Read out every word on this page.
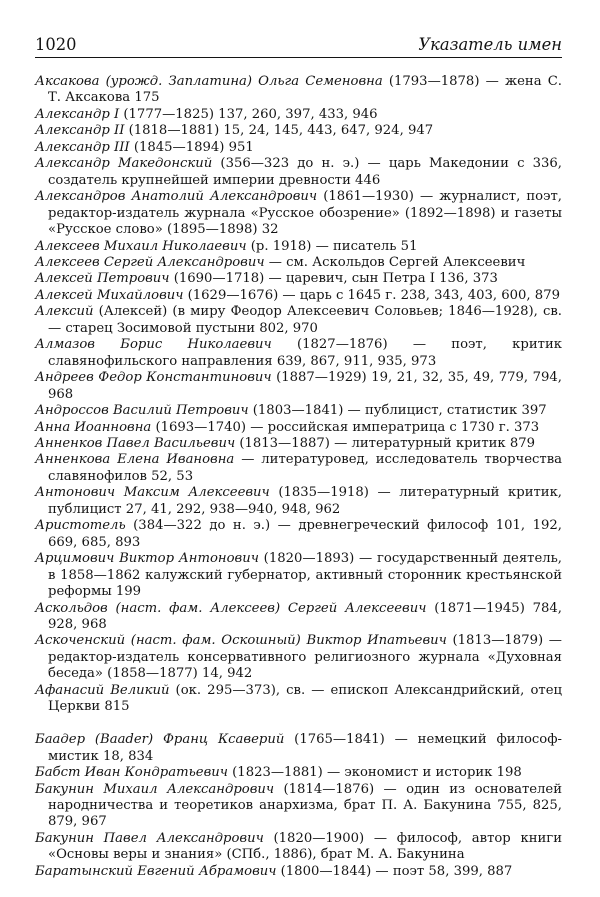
1020	Указатель имен
Аксакова (урожд. Заплатина) Ольга Семеновна (1793—1878) — жена С. Т. Аксакова 175
Александр I (1777—1825) 137, 260, 397, 433, 946
Александр II (1818—1881) 15, 24, 145, 443, 647, 924, 947
Александр III (1845—1894) 951
Александр Македонский (356—323 до н. э.) — царь Македонии с 336, создатель крупнейшей империи древности 446
Александров Анатолий Александрович (1861—1930) — журналист, поэт, редактор-издатель журнала «Русское обозрение» (1892—1898) и газеты «Русское слово» (1895—1898) 32
Алексеев Михаил Николаевич (р. 1918) — писатель 51
Алексеев Сергей Александрович — см. Аскольдов Сергей Алексеевич
Алексей Петрович (1690—1718) — царевич, сын Петра I 136, 373
Алексей Михайлович (1629—1676) — царь с 1645 г. 238, 343, 403, 600, 879
Алексий (Алексей) (в миру Феодор Алексеевич Соловьев; 1846—1928), св. — старец Зосимовой пустыни 802, 970
Алмазов Борис Николаевич (1827—1876) — поэт, критик славянофильского направления 639, 867, 911, 935, 973
Андреев Федор Константинович (1887—1929) 19, 21, 32, 35, 49, 779, 794, 968
Андроссов Василий Петрович (1803—1841) — публицист, статистик 397
Анна Иоанновна (1693—1740) — российская императрица с 1730 г. 373
Анненков Павел Васильевич (1813—1887) — литературный критик 879
Анненкова Елена Ивановна — литературовед, исследователь творчества славянофилов 52, 53
Антонович Максим Алексеевич (1835—1918) — литературный критик, публицист 27, 41, 292, 938—940, 948, 962
Аристотель (384—322 до н. э.) — древнегреческий философ 101, 192, 669, 685, 893
Арцимович Виктор Антонович (1820—1893) — государственный деятель, в 1858—1862 калужский губернатор, активный сторонник крестьянской реформы 199
Аскольдов (наст. фам. Алексеев) Сергей Алексеевич (1871—1945) 784, 928, 968
Аскоченский (наст. фам. Оскошный) Виктор Ипатьевич (1813—1879) — редактор-издатель консервативного религиозного журнала «Духовная беседа» (1858—1877) 14, 942
Афанасий Великий (ок. 295—373), св. — епископ Александрийский, отец Церкви 815
Баадер (Baader) Франц Ксаверий (1765—1841) — немецкий философ-мистик 18, 834
Бабст Иван Кондратьевич (1823—1881) — экономист и историк 198
Бакунин Михаил Александрович (1814—1876) — один из основателей народничества и теоретиков анархизма, брат П. А. Бакунина 755, 825, 879, 967
Бакунин Павел Александрович (1820—1900) — философ, автор книги «Основы веры и знания» (СПб., 1886), брат М. А. Бакунина
Баратынский Евгений Абрамович (1800—1844) — поэт 58, 399, 887
